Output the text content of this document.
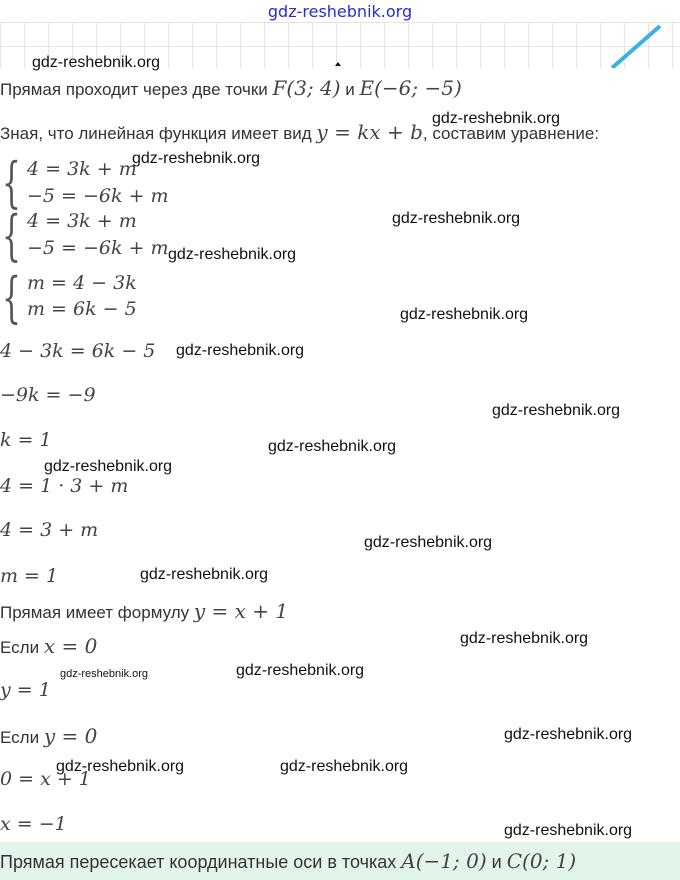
gdz-reshebnik.org
Прямая проходит через две точки F(3; 4) и E(−6; −5)
Зная, что линейная функция имеет вид y = kx + b, составим уравнение:
{ 4 = 3k + m
−5 = −6k + m
{ 4 = 3k + m
−5 = −6k + m
{ m = 4 − 3k
m = 6k − 5
4 − 3k = 6k − 5
−9k = −9
k = 1
4 = 1 · 3 + m
4 = 3 + m
m = 1
Прямая имеет формулу y = x + 1
Если x = 0
y = 1
Если y = 0
0 = x + 1
x = −1
Прямая пересекает координатные оси в точках A(−1; 0) и C(0; 1)
gdz-reshebnik.org
gdz-reshebnik.org
gdz-reshebnik.org
gdz-reshebnik.org
gdz-reshebnik.org
gdz-reshebnik.org
gdz-reshebnik.org
gdz-reshebnik.org
gdz-reshebnik.org
gdz-reshebnik.org
gdz-reshebnik.org
gdz-reshebnik.org
gdz-reshebnik.org
gdz-reshebnik.org	gdz-reshebnik.org
gdz-reshebnik.org
gdz-reshebnik.org	gdz-reshebnik.org
gdz-reshebnik.org
